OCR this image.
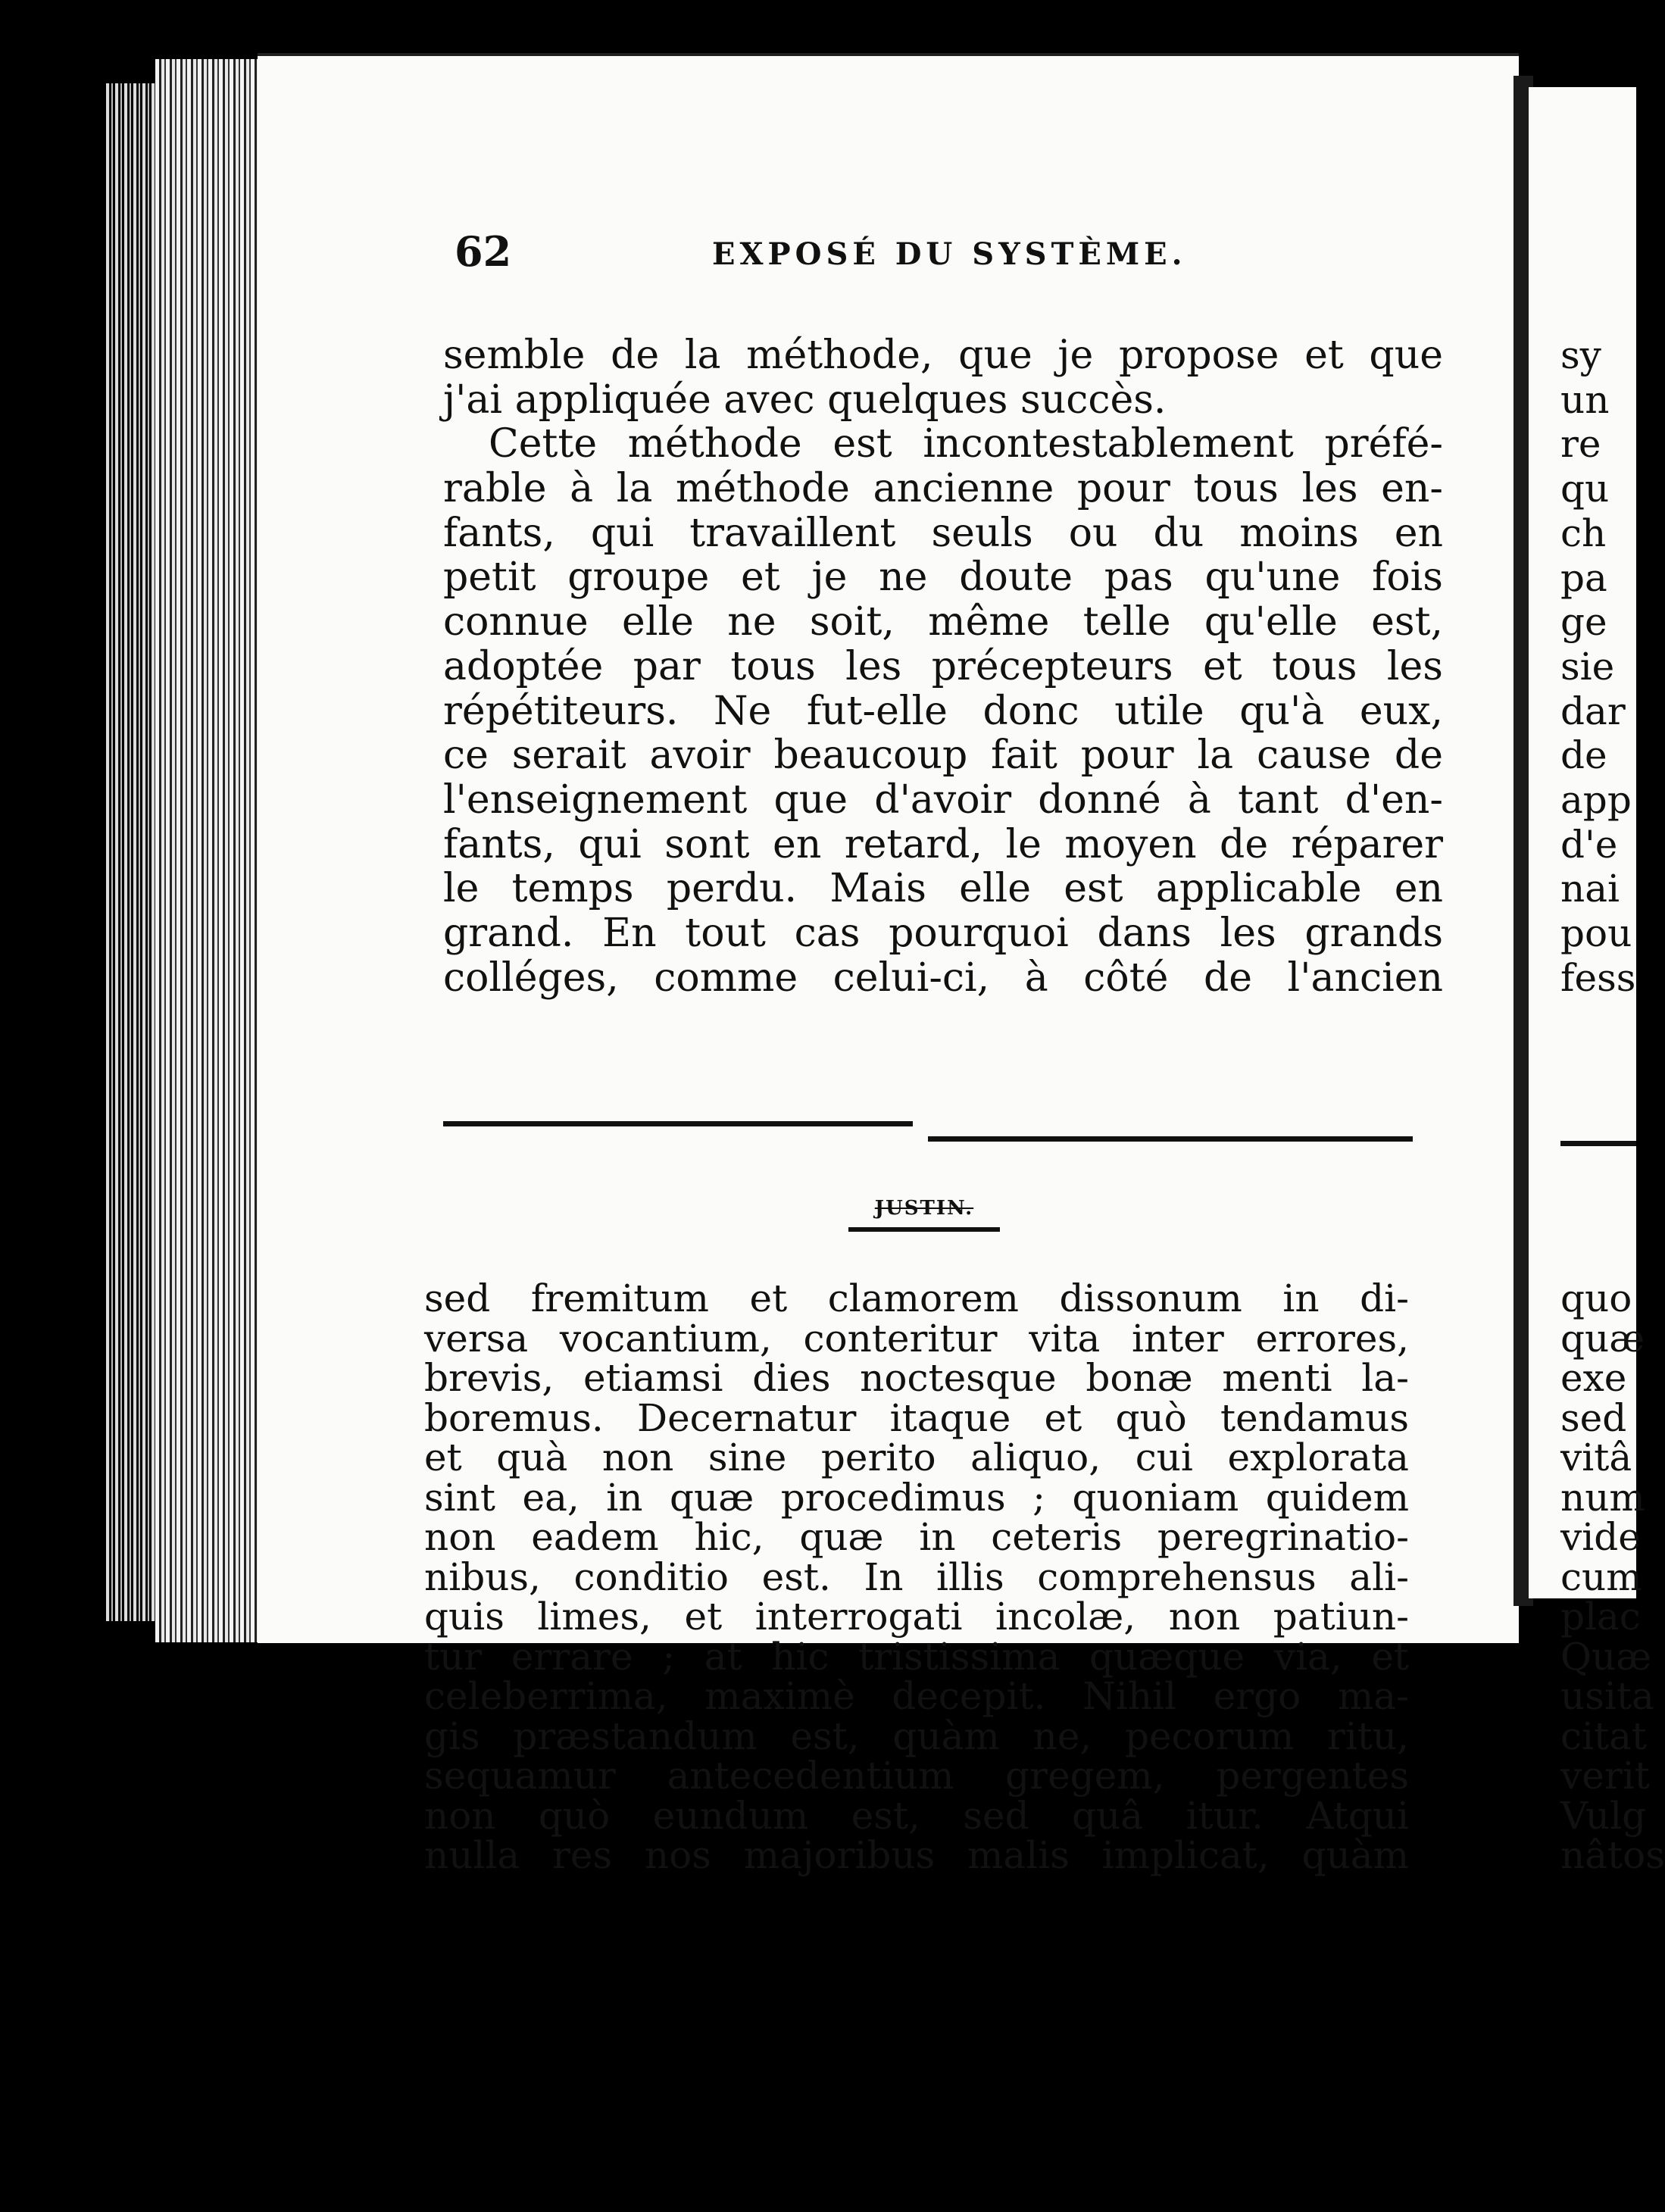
62	EXPOSÉ DU SYSTÈME.
semble de la méthode, que je propose et que
j'ai appliquée avec quelques succès.
Cette méthode est incontestablement préfé-
rable à la méthode ancienne pour tous les en-
fants, qui travaillent seuls ou du moins en
petit groupe et je ne doute pas qu'une fois
connue elle ne soit, même telle qu'elle est,
adoptée par tous les précepteurs et tous les
répétiteurs. Ne fut-elle donc utile qu'à eux,
ce serait avoir beaucoup fait pour la cause de
l'enseignement que d'avoir donné à tant d'en-
fants, qui sont en retard, le moyen de réparer
le temps perdu. Mais elle est applicable en
grand. En tout cas pourquoi dans les grands
colléges, comme celui-ci, à côté de l'ancien
JUSTIN.
sed fremitum et clamorem dissonum in di-
versa vocantium, conteritur vita inter errores,
brevis, etiamsi dies noctesque bonæ menti la-
boremus. Decernatur itaque et quò tendamus
et quà non sine perito aliquo, cui explorata
sint ea, in quæ procedimus ; quoniam quidem
non eadem hic, quæ in ceteris peregrinatio-
nibus, conditio est. In illis comprehensus ali-
quis limes, et interrogati incolæ, non patiun-
tur errare ; at hic tristissima quæque via, et
celeberrima, maximè decepit. Nihil ergo ma-
gis præstandum est, quàm ne, pecorum ritu,
sequamur antecedentium gregem, pergentes
non quò eundum est, sed quâ itur. Atqui
nulla res nos majoribus malis implicat, quàm
sy
un
re
qu
ch
pa
ge
sie
dar
de
app
d'e
nai
pou
fess
quo
quæ
exe
sed
vitâ
num
vide
cum
plac
Quæ
usita
citat
verit
Vulg
nâtos
